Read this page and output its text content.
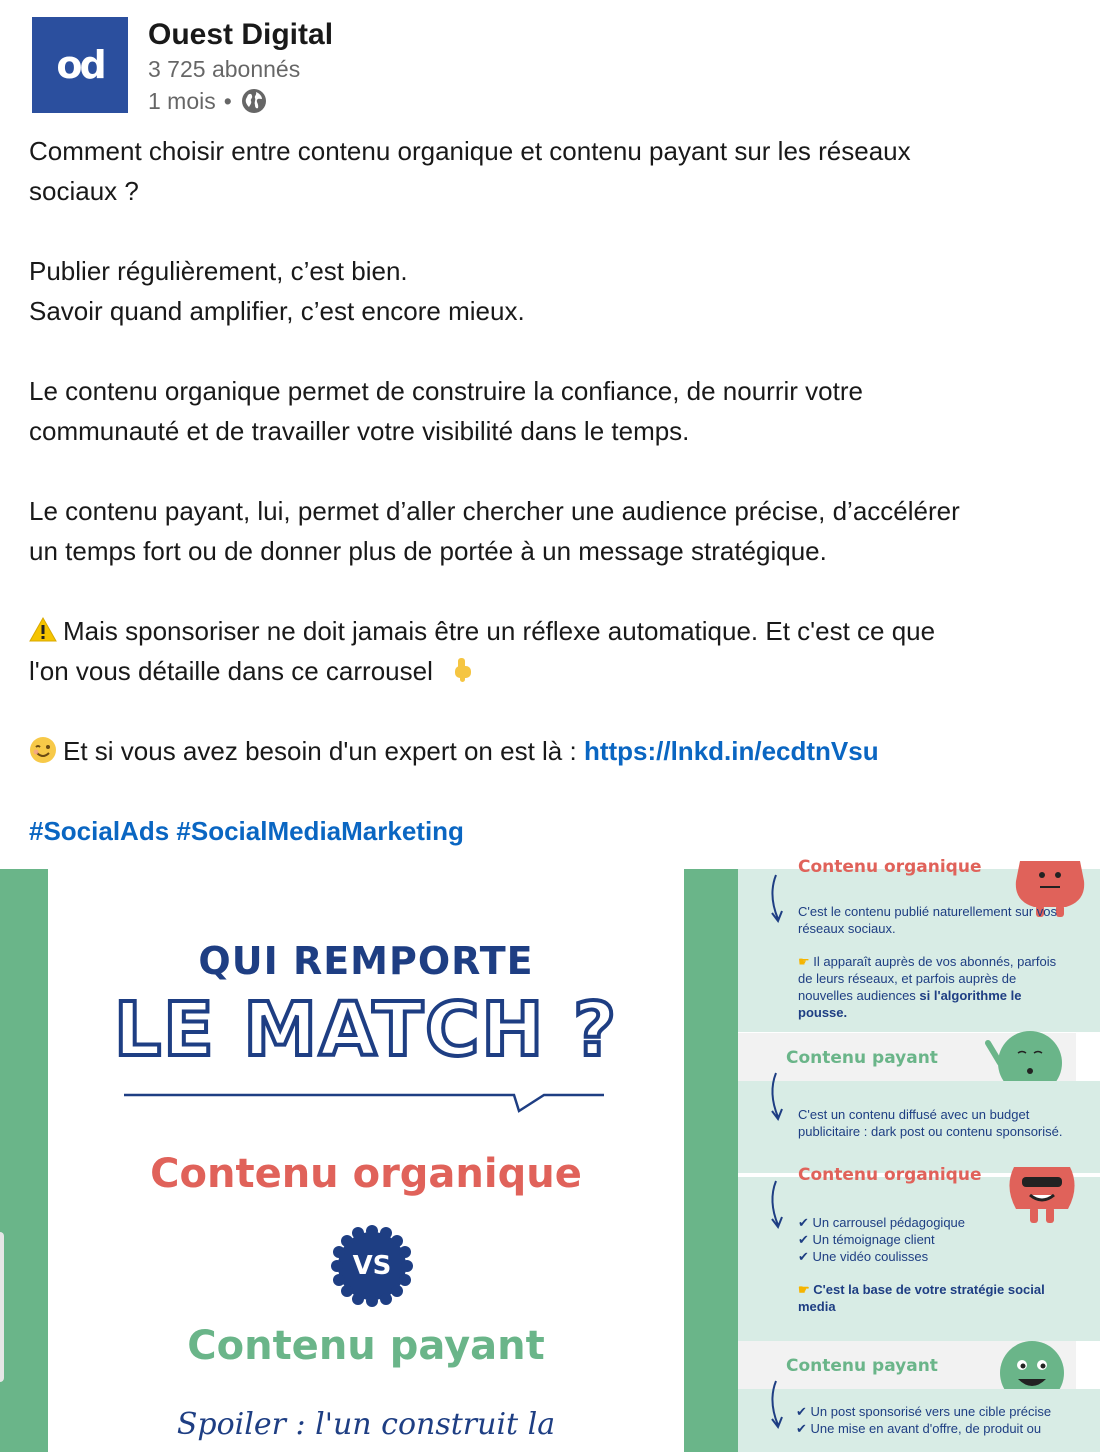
od
Ouest Digital
3 725 abonnés
1 mois •

Comment choisir entre contenu organique et contenu payant sur les réseaux

sociaux ?

Publier régulièrement, c’est bien.

Savoir quand amplifier, c’est encore mieux.

Le contenu organique permet de construire la confiance, de nourrir votre

communauté et de travailler votre visibilité dans le temps.

Le contenu payant, lui, permet d’aller chercher une audience précise, d’accélérer

un temps fort ou de donner plus de portée à un message stratégique.

Mais sponsoriser ne doit jamais être un réflexe automatique. Et c'est ce que

l'on vous détaille dans ce carrousel

Et si vous avez besoin d'un expert on est là : https://lnkd.in/ecdtnVsu

#SocialAds #SocialMediaMarketing

QUI REMPORTE
LE MATCH ?
Contenu organique
VS
Contenu payant
Spoiler : l'un construit la
Contenu organique
C'est le contenu publié naturellement sur vos réseaux sociaux.
☛ Il apparaît auprès de vos abonnés, parfois de leurs réseaux, et parfois auprès de nouvelles audiences si l'algorithme le pousse.
Contenu payant
C'est un contenu diffusé avec un budget publicitaire : dark post ou contenu sponsorisé.
Contenu organique
✔ Un carrousel pédagogique
✔ Un témoignage client
✔ Une vidéo coulisses
☛ C'est la base de votre stratégie social media
Contenu payant
✔ Un post sponsorisé vers une cible précise
✔ Une mise en avant d'offre, de produit ou
